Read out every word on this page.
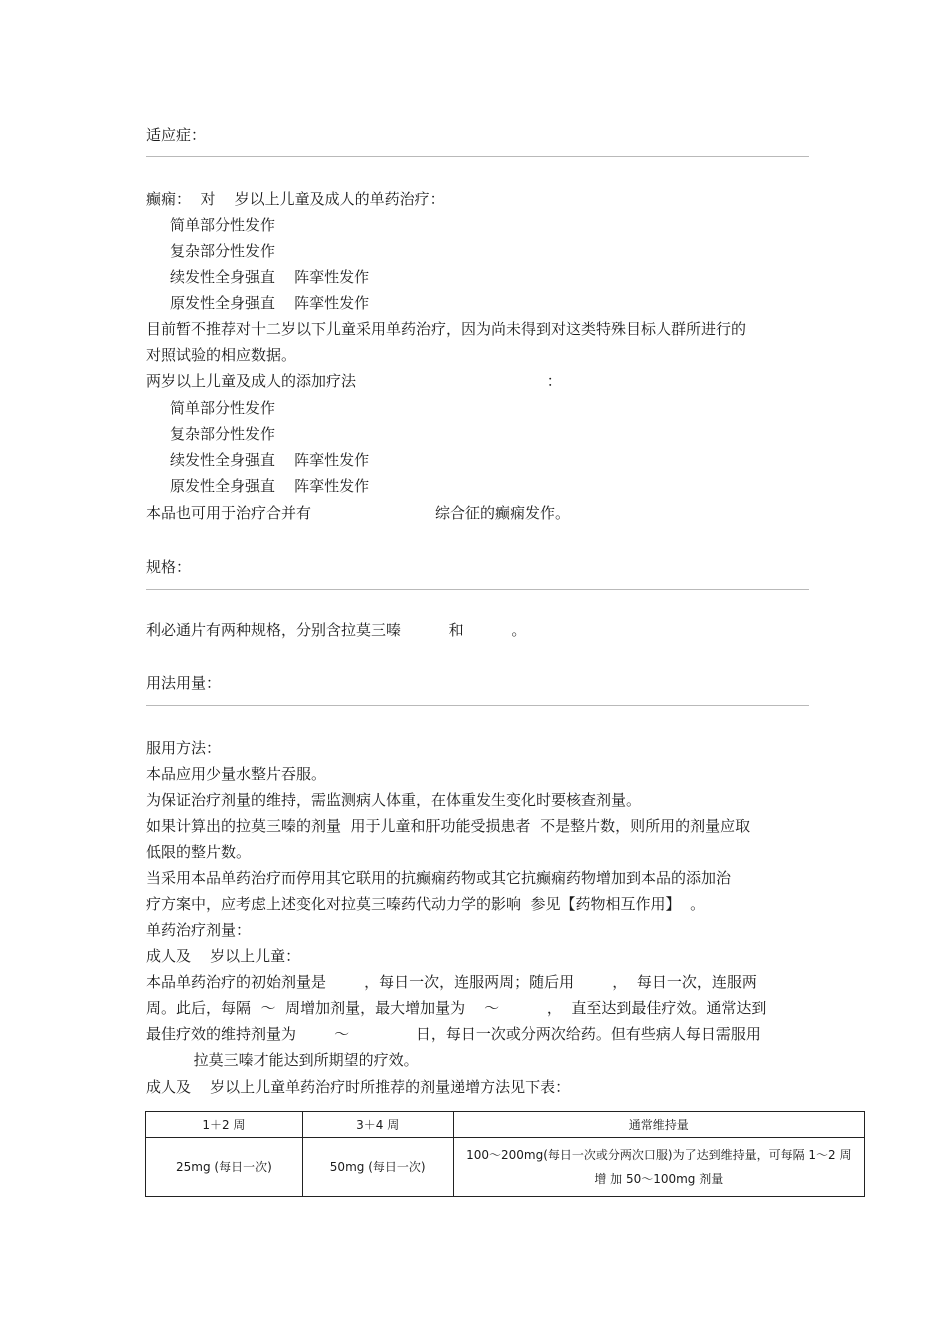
适应症：
癫痫：  对    岁以上儿童及成人的单药治疗：
简单部分性发作
复杂部分性发作
续发性全身强直    阵挛性发作
原发性全身强直    阵挛性发作
目前暂不推荐对十二岁以下儿童采用单药治疗，因为尚未得到对这类特殊目标人群所进行的
对照试验的相应数据。
两岁以上儿童及成人的添加疗法                                        ：
简单部分性发作
复杂部分性发作
续发性全身强直    阵挛性发作
原发性全身强直    阵挛性发作
本品也可用于治疗合并有                          综合征的癫痫发作。
规格：
利必通片有两种规格，分别含拉莫三嗪          和          。
用法用量：
服用方法：
本品应用少量水整片吞服。
为保证治疗剂量的维持，需监测病人体重，在体重发生变化时要核查剂量。
如果计算出的拉莫三嗪的剂量  用于儿童和肝功能受损患者  不是整片数，则所用的剂量应取
低限的整片数。
当采用本品单药治疗而停用其它联用的抗癫痫药物或其它抗癫痫药物增加到本品的添加治
疗方案中，应考虑上述变化对拉莫三嗪药代动力学的影响  参见【药物相互作用】  。
单药治疗剂量：
成人及    岁以上儿童：
本品单药治疗的初始剂量是        ，每日一次，连服两周；随后用        ，  每日一次，连服两
周。此后，每隔  ～  周增加剂量，最大增加量为    ～          ，  直至达到最佳疗效。通常达到
最佳疗效的维持剂量为        ～              日，每日一次或分两次给药。但有些病人每日需服用
拉莫三嗪才能达到所期望的疗效。
成人及    岁以上儿童单药治疗时所推荐的剂量递增方法见下表：
1＋2 周	3＋4 周	通常维持量
25mg (每日一次)	50mg (每日一次)	100～200mg(每日一次或分两次口服)为了达到维持量，可每隔 1～2 周
增 加 50～100mg 剂量
